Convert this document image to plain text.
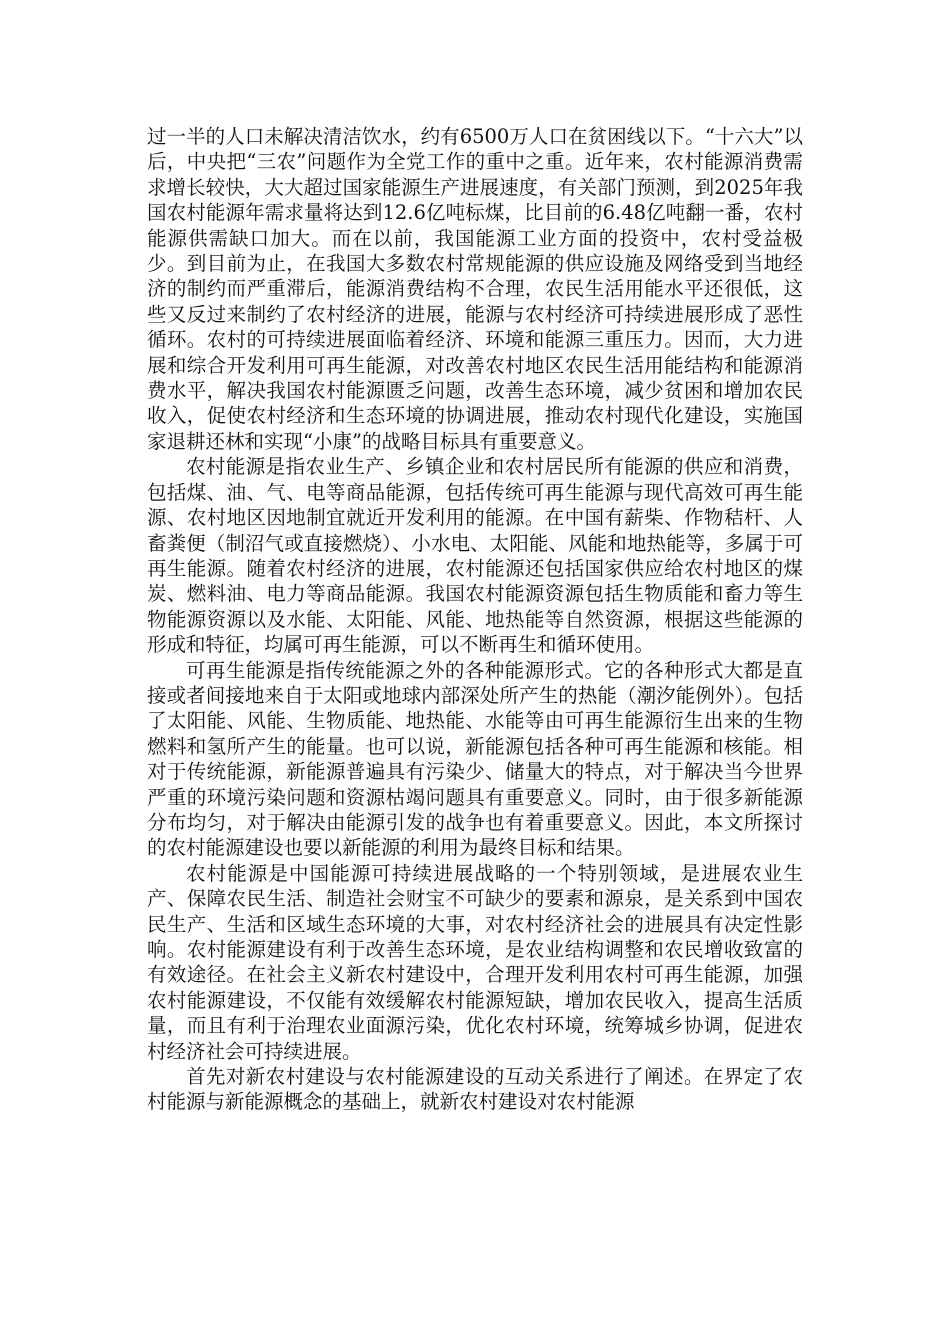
过一半的人口未解决清洁饮水，约有6500万人口在贫困线以下。“十六大”以后，中央把“三农”问题作为全党工作的重中之重。近年来，农村能源消费需求增长较快，大大超过国家能源生产进展速度，有关部门预测，到2025年我国农村能源年需求量将达到12.6亿吨标煤，比目前的6.48亿吨翻一番，农村能源供需缺口加大。而在以前，我国能源工业方面的投资中，农村受益极少。到目前为止，在我国大多数农村常规能源的供应设施及网络受到当地经济的制约而严重滞后，能源消费结构不合理，农民生活用能水平还很低，这些又反过来制约了农村经济的进展，能源与农村经济可持续进展形成了恶性循环。农村的可持续进展面临着经济、环境和能源三重压力。因而，大力进展和综合开发利用可再生能源，对改善农村地区农民生活用能结构和能源消费水平，解决我国农村能源匮乏问题，改善生态环境，减少贫困和增加农民收入，促使农村经济和生态环境的协调进展，推动农村现代化建设，实施国家退耕还林和实现“小康”的战略目标具有重要意义。

农村能源是指农业生产、乡镇企业和农村居民所有能源的供应和消费，包括煤、油、气、电等商品能源，包括传统可再生能源与现代高效可再生能源、农村地区因地制宜就近开发利用的能源。在中国有薪柴、作物秸杆、人畜粪便（制沼气或直接燃烧）、小水电、太阳能、风能和地热能等，多属于可再生能源。随着农村经济的进展，农村能源还包括国家供应给农村地区的煤炭、燃料油、电力等商品能源。我国农村能源资源包括生物质能和畜力等生物能源资源以及水能、太阳能、风能、地热能等自然资源，根据这些能源的形成和特征，均属可再生能源，可以不断再生和循环使用。

可再生能源是指传统能源之外的各种能源形式。它的各种形式大都是直接或者间接地来自于太阳或地球内部深处所产生的热能（潮汐能例外）。包括了太阳能、风能、生物质能、地热能、水能等由可再生能源衍生出来的生物燃料和氢所产生的能量。也可以说，新能源包括各种可再生能源和核能。相对于传统能源，新能源普遍具有污染少、储量大的特点，对于解决当今世界严重的环境污染问题和资源枯竭问题具有重要意义。同时，由于很多新能源分布均匀，对于解决由能源引发的战争也有着重要意义。因此，本文所探讨的农村能源建设也要以新能源的利用为最终目标和结果。

农村能源是中国能源可持续进展战略的一个特别领域，是进展农业生产、保障农民生活、制造社会财宝不可缺少的要素和源泉，是关系到中国农民生产、生活和区域生态环境的大事，对农村经济社会的进展具有决定性影响。农村能源建设有利于改善生态环境，是农业结构调整和农民增收致富的有效途径。在社会主义新农村建设中，合理开发利用农村可再生能源，加强农村能源建设，不仅能有效缓解农村能源短缺，增加农民收入，提高生活质量，而且有利于治理农业面源污染，优化农村环境，统筹城乡协调，促进农村经济社会可持续进展。

首先对新农村建设与农村能源建设的互动关系进行了阐述。在界定了农村能源与新能源概念的基础上，就新农村建设对农村能源
